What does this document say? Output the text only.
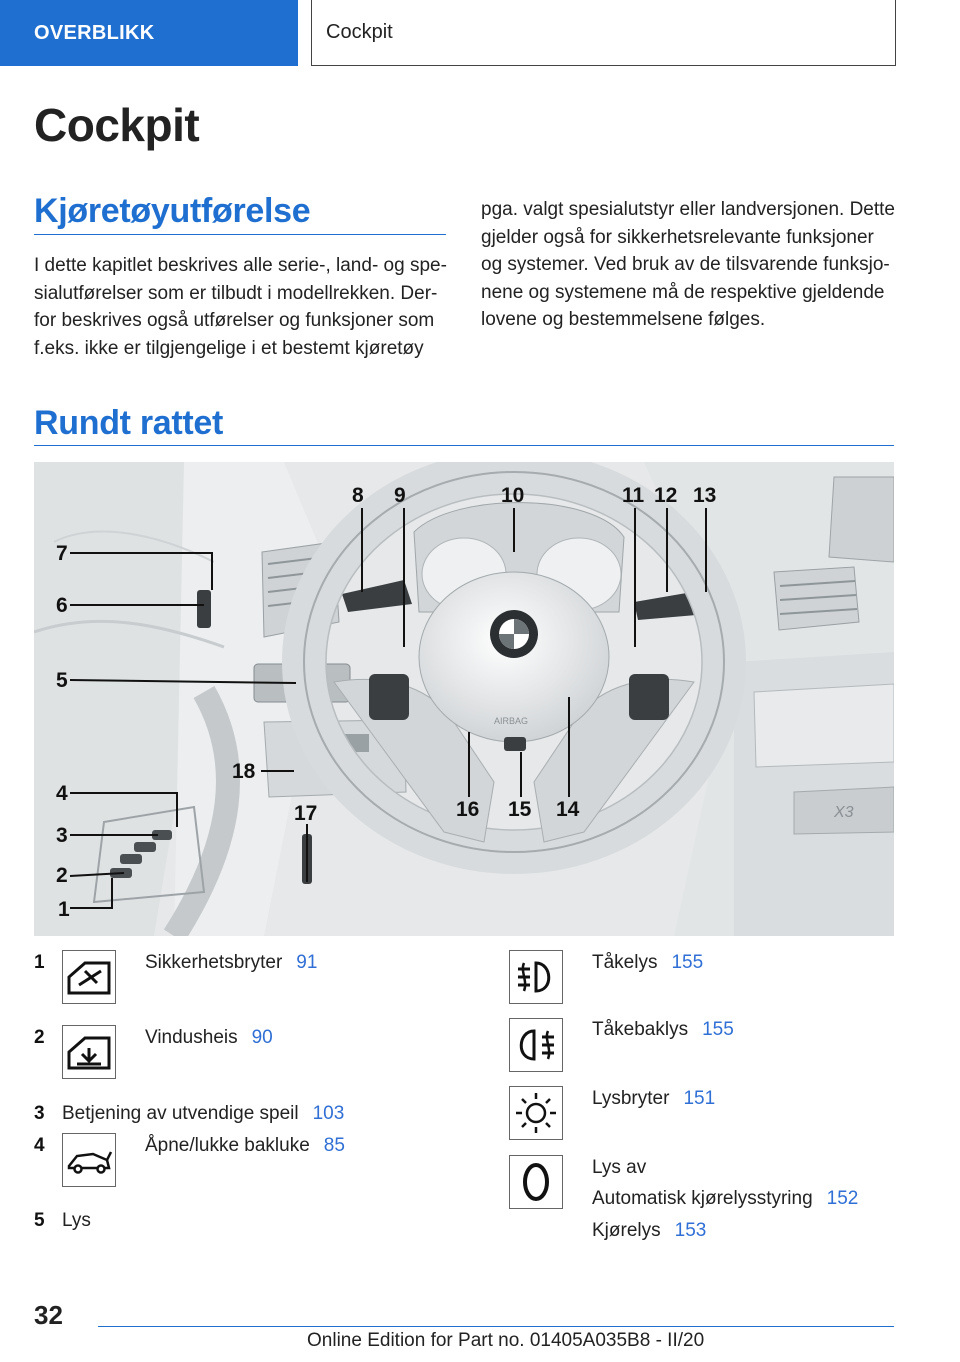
OVERBLIKK	Cockpit
Cockpit
Kjøretøyutførelse

I dette kapitlet beskrives alle serie-, land- og spesialutførelser som er tilbudt i modellrekken. Derfor beskrives også utførelser og funksjoner som f.eks. ikke er tilgjengelige i et bestemt kjøretøy

pga. valgt spesialutstyr eller landversjonen. Dette gjelder også for sikkerhetsrelevante funksjoner og systemer. Ved bruk av de tilsvarende funksjonene og systemene må de respektive gjeldende lovene og bestemmelsene følges.

Rundt rattet
X3
AIRBAG
7
6
5
4
3
2
1
18
17
8 9	10	11 12 13
16 15 14
1	Sikkerhetsbryter 91
2	Vindusheis 90
3 Betjening av utvendige speil 103
4	Åpne/lukke bakluke 85
5 Lys
Tåkelys 155
Tåkebaklys 155
Lysbryter 151
Lys av
Automatisk kjørelysstyring 152
Kjørelys 153
32
Online Edition for Part no. 01405A035B8 - II/20
